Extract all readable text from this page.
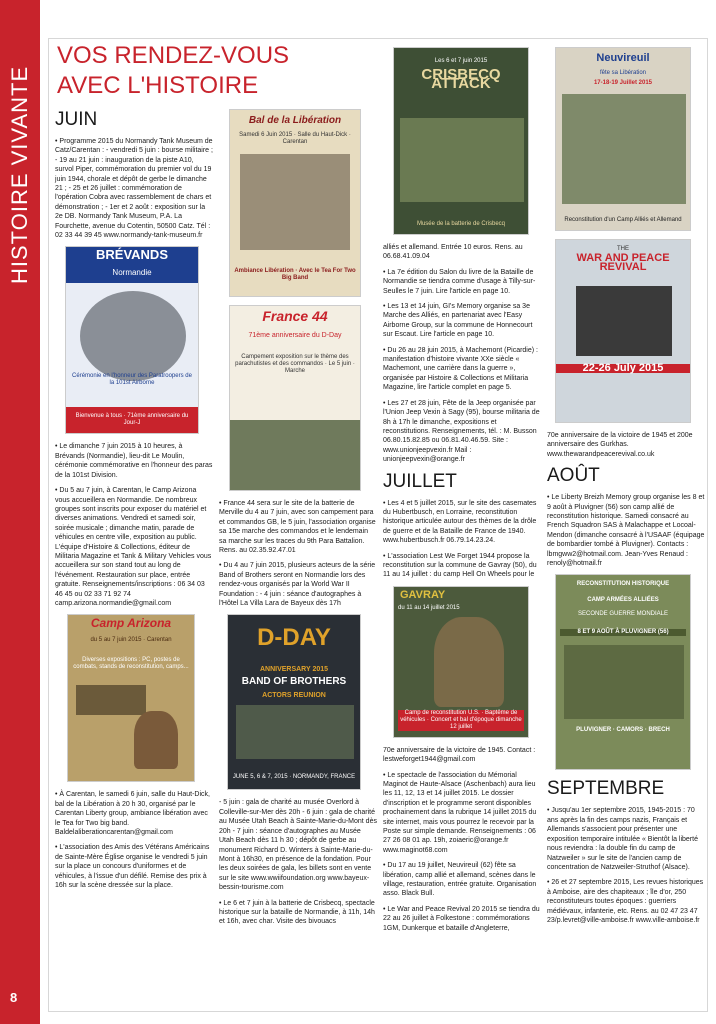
HISTOIRE VIVANTE
8
VOS RENDEZ-VOUS
AVEC L'HISTOIRE
JUIN

• Programme 2015 du Normandy Tank Museum de Catz/Carentan : - vendredi 5 juin : bourse militaire ; - 19 au 21 juin : inauguration de la piste A10, survol Piper, commémoration du premier vol du 19 juin 1944, chorale et dépôt de gerbe le dimanche 21 ; - 25 et 26 juillet : commémoration de l'opération Cobra avec rassemblement de chars et démonstration ; - 1er et 2 août : exposition sur la 2e DB. Normandy Tank Museum, P.A. La Fourchette, avenue du Cotentin, 50500 Catz. Tél : 02 33 44 39 45 www.normandy-tank-museum.fr

BRÉVANDS
Normandie
Cérémonie en l'honneur des Paratroopers de la 101st Airborne
Bienvenue à tous · 71ème anniversaire du Jour-J

• Le dimanche 7 juin 2015 à 10 heures, à Brévands (Normandie), lieu-dit Le Moulin, cérémonie commémorative en l'honneur des paras de la 101st Division.

• Du 5 au 7 juin, à Carentan, le Camp Arizona vous accueillera en Normandie. De nombreux groupes sont inscrits pour exposer du matériel et diverses animations. Vendredi et samedi soir, soirée musicale ; dimanche matin, parade de véhicules en centre ville, exposition au public. L'équipe d'Histoire & Collections, éditeur de Militaria Magazine et Tank & Military Vehicles vous accueillera sur son stand tout au long de l'événement. Restauration sur place, entrée gratuite. Renseignements/inscriptions : 06 34 03 46 45 ou 02 33 71 92 74 camp.arizona.normandie@gmail.com

Camp Arizona
du 5 au 7 juin 2015 · Carentan
Diverses expositions : PC, postes de combats, stands de reconstitution, camps...

• À Carentan, le samedi 6 juin, salle du Haut-Dick, bal de la Libération à 20 h 30, organisé par le Carentan Liberty group, ambiance libération avec le Tea for Two big band. Baldelaliberationcarentan@gmail.com

• L'association des Amis des Vétérans Américains de Sainte-Mère Église organise le vendredi 5 juin sur la place un concours d'uniformes et de véhicules, à l'issue d'un défilé. Remise des prix à 16h sur la scène dressée sur la place.

Bal de la Libération
Samedi 6 Juin 2015 · Salle du Haut-Dick · Carentan
Ambiance Libération · Avec le Tea For Two Big Band
France 44
71ème anniversaire du D-Day
Campement exposition sur le thème des parachutistes et des commandos · Le 5 juin · Marche

• France 44 sera sur le site de la batterie de Merville du 4 au 7 juin, avec son campement para et commandos GB, le 5 juin, l'association organise sa 15e marche des commandos et le lendemain sa marche sur les traces du 9th Para Battalion. Rens. au 02.35.92.47.01

• Du 4 au 7 juin 2015, plusieurs acteurs de la série Band of Brothers seront en Normandie lors des rendez-vous organisés par la World War II Foundation : - 4 juin : séance d'autographes à l'Hôtel La Villa Lara de Bayeux dès 17h

D-DAY
ANNIVERSARY 2015
BAND OF BROTHERS
ACTORS REUNION
JUNE 5, 6 & 7, 2015 · NORMANDY, FRANCE

- 5 juin : gala de charité au musée Overlord à Colleville-sur-Mer dès 20h - 6 juin : gala de charité au Musée Utah Beach à Sainte-Marie-du-Mont dès 20h - 7 juin : séance d'autographes au Musée Utah Beach dès 11 h 30 ; dépôt de gerbe au monument Richard D. Winters à Sainte-Marie-du-Mont à 16h30, en présence de la fondation. Pour les deux soirées de gala, les billets sont en vente sur le site www.wwiifoundation.org www.bayeux-bessin-tourisme.com

• Le 6 et 7 juin à la batterie de Crisbecq, spectacle historique sur la bataille de Normandie, à 11h, 14h et 16h, avec char. Visite des bivouacs

Les 6 et 7 juin 2015
CRISBECQ ATTACK
Musée de la batterie de Crisbecq

alliés et allemand. Entrée 10 euros. Rens. au 06.68.41.09.04

• La 7e édition du Salon du livre de la Bataille de Normandie se tiendra comme d'usage à Tilly-sur-Seulles le 7 juin. Lire l'article en page 10.

• Les 13 et 14 juin, GI's Memory organise sa 3e Marche des Alliés, en partenariat avec l'Easy Airborne Group, sur la commune de Honnecourt sur Escaut. Lire l'article en page 10.

• Du 26 au 28 juin 2015, à Machemont (Picardie) : manifestation d'histoire vivante XXe siècle « Machemont, une carrière dans la guerre », organisée par Histoire & Collections et Militaria Magazine, lire l'article complet en page 5.

• Les 27 et 28 juin, Fête de la Jeep organisée par l'Union Jeep Vexin à Sagy (95), bourse militaria de 8h à 17h le dimanche, expositions et reconstitutions. Renseignements, tél. : M. Busson 06.80.15.82.85 ou 06.81.40.46.59. Site : www.unionjeepvexin.fr Mail : unionjeepvexin@orange.fr

JUILLET

• Les 4 et 5 juillet 2015, sur le site des casemates du Hubertbusch, en Lorraine, reconstitution historique articulée autour des thèmes de la drôle de guerre et de la Bataille de France de 1940. www.hubertbusch.fr 06.79.14.23.24.

• L'association Lest We Forget 1944 propose la reconstitution sur la commune de Gavray (50), du 11 au 14 juillet : du camp Hell On Wheels pour le

GAVRAY
du 11 au 14 juillet 2015
Camp de reconstitution U.S. · Baptême de véhicules · Concert et bal d'époque dimanche 12 juillet

70e anniversaire de la victoire de 1945. Contact : lestweforget1944@gmail.com

• Le spectacle de l'association du Mémorial Maginot de Haute-Alsace (Aschenbach) aura lieu les 11, 12, 13 et 14 juillet 2015. Le dossier d'inscription et le programme seront disponibles prochainement dans la rubrique 14 juillet 2015 du site internet, mais vous pourrez le recevoir par la Poste sur simple demande. Renseignements : 06 27 26 08 01 ap. 19h, zoiaeric@orange.fr www.maginot68.com

• Du 17 au 19 juillet, Neuvireuil (62) fête sa libération, camp allié et allemand, scènes dans le village, restauration, entrée gratuite. Organisation asso. Black Bull.

• Le War and Peace Revival 20 2015 se tiendra du 22 au 26 juillet à Folkestone : commémorations 1GM, Dunkerque et bataille d'Angleterre,

Neuvireuil
fête sa Libération
17-18-19 Juillet 2015
Reconstitution d'un Camp Alliés et Allemand
THE
WAR AND PEACE REVIVAL
22-26 July 2015

70e anniversaire de la victoire de 1945 et 200e anniversaire des Gurkhas. www.thewarandpeacerevival.co.uk

AOÛT

• Le Liberty Breizh Memory group organise les 8 et 9 août à Pluvigner (56) son camp allié de reconstitution historique. Samedi consacré au French Squadron SAS à Malachappe et Locoal-Mendon (dimanche consacré à l'USAAF (équipage de bombardier tombé à Pluvigner). Contacts : lbmgww2@hotmail.com. Jean-Yves Renaud : renoly@hotmail.fr

RECONSTITUTION HISTORIQUE
CAMP ARMÉES ALLIÉES
SECONDE GUERRE MONDIALE
8 ET 9 AOÛT À PLUVIGNER (56)
PLUVIGNER · CAMORS · BRECH
SEPTEMBRE

• Jusqu'au 1er septembre 2015, 1945-2015 : 70 ans après la fin des camps nazis, Français et Allemands s'associent pour présenter une exposition temporaire intitulée « Bientôt la liberté nous reviendra : la double fin du camp de Natzweiler » sur le site de l'ancien camp de concentration de Natzweiler-Struthof (Alsace).

• 26 et 27 septembre 2015, Les revues historiques à Amboise, aire des chapiteaux ; île d'or, 250 reconstituteurs toutes époques : guerriers médiévaux, infanterie, etc. Rens. au 02 47 23 47 23/p.levret@ville-amboise.fr www.ville-amboise.fr
